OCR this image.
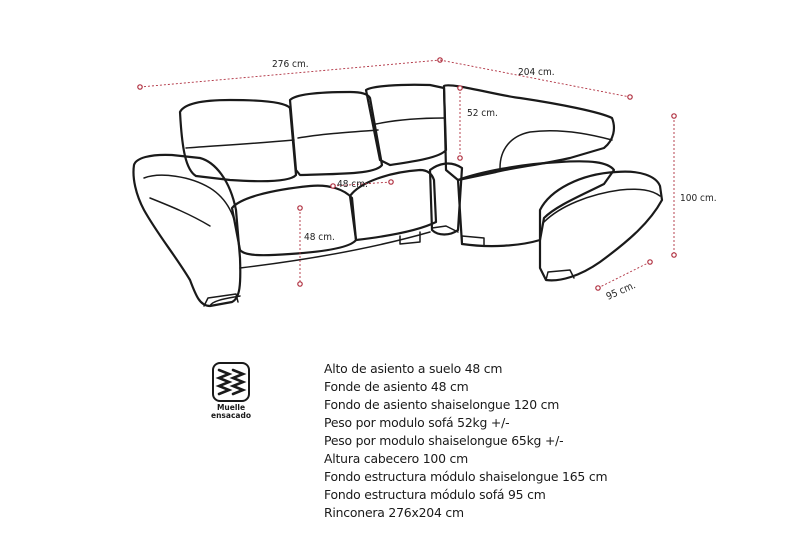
276 cm.
204 cm.
52 cm.
48 cm.
48 cm.
100 cm.
95 cm.
Muelle
ensacado
Alto de asiento a suelo 48 cm
Fonde de asiento 48 cm
Fondo de asiento shaiselongue 120 cm
Peso por modulo sofá 52kg +/-
Peso por modulo shaiselongue 65kg +/-
Altura cabecero 100 cm
Fondo estructura módulo shaiselongue 165 cm
Fondo estructura módulo sofá 95 cm
Rinconera 276x204 cm
